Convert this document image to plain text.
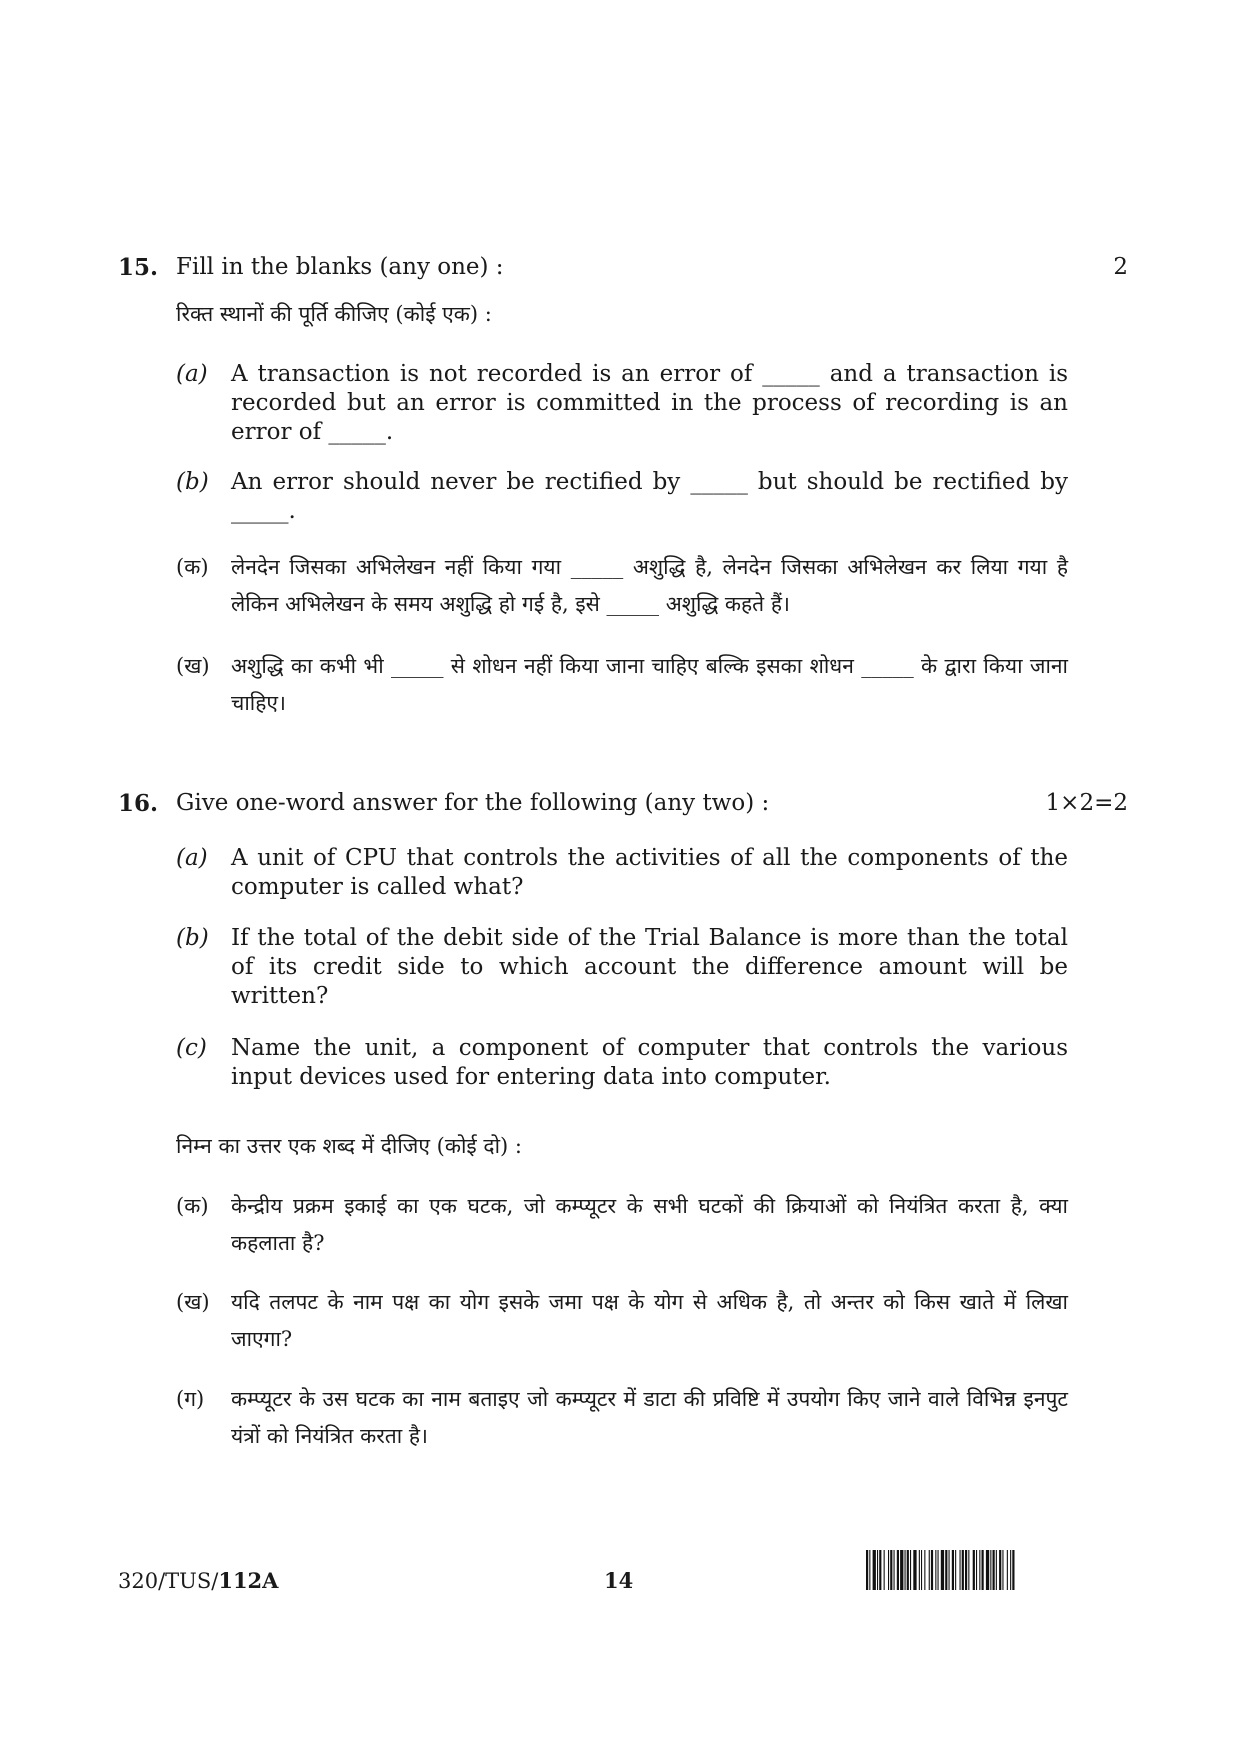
15. Fill in the blanks (any one) :	2
रिक्त स्थानों की पूर्ति कीजिए (कोई एक) :
(a) A transaction is not recorded is an error of _____ and a transaction is recorded but an error is committed in the process of recording is an error of _____.
(b) An error should never be rectified by _____ but should be rectified by _____.
(क) लेनदेन जिसका अभिलेखन नहीं किया गया _____ अशुद्धि है, लेनदेन जिसका अभिलेखन कर लिया गया है लेकिन अभिलेखन के समय अशुद्धि हो गई है, इसे _____ अशुद्धि कहते हैं।
(ख) अशुद्धि का कभी भी _____ से शोधन नहीं किया जाना चाहिए बल्कि इसका शोधन _____ के द्वारा किया जाना चाहिए।
16. Give one-word answer for the following (any two) :	1×2=2
(a) A unit of CPU that controls the activities of all the components of the computer is called what?
(b) If the total of the debit side of the Trial Balance is more than the total of its credit side to which account the difference amount will be written?
(c) Name the unit, a component of computer that controls the various input devices used for entering data into computer.
निम्न का उत्तर एक शब्द में दीजिए (कोई दो) :
(क) केन्द्रीय प्रक्रम इकाई का एक घटक, जो कम्प्यूटर के सभी घटकों की क्रियाओं को नियंत्रित करता है, क्या कहलाता है?
(ख) यदि तलपट के नाम पक्ष का योग इसके जमा पक्ष के योग से अधिक है, तो अन्तर को किस खाते में लिखा जाएगा?
(ग) कम्प्यूटर के उस घटक का नाम बताइए जो कम्प्यूटर में डाटा की प्रविष्टि में उपयोग किए जाने वाले विभिन्न इनपुट यंत्रों को नियंत्रित करता है।
320/TUS/112A	14
